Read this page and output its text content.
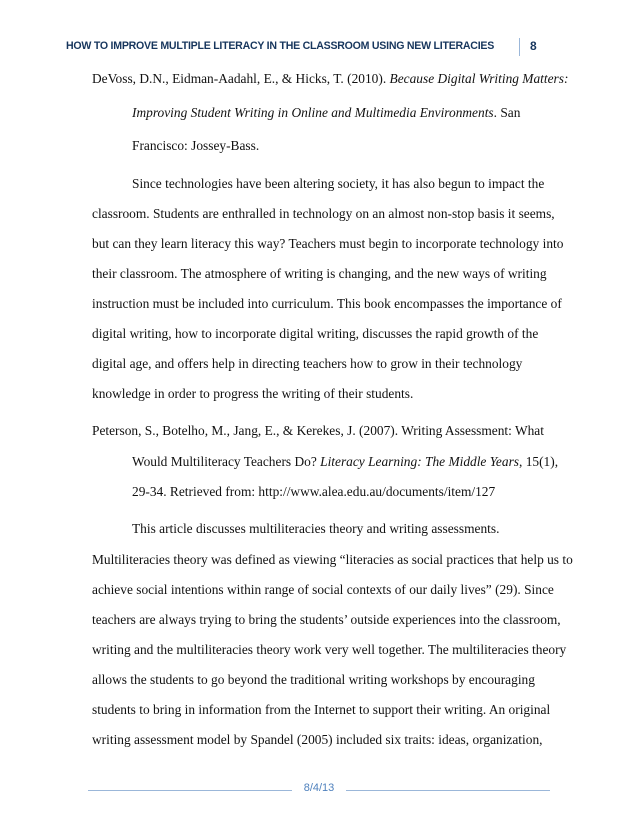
HOW TO IMPROVE MULTIPLE LITERACY IN THE CLASSROOM USING NEW LITERACIES	8
DeVoss, D.N., Eidman-Aadahl, E., & Hicks, T. (2010). Because Digital Writing Matters:
Improving Student Writing in Online and Multimedia Environments. San
Francisco: Jossey-Bass.
Since technologies have been altering society, it has also begun to impact the
classroom. Students are enthralled in technology on an almost non-stop basis it seems,
but can they learn literacy this way? Teachers must begin to incorporate technology into
their classroom. The atmosphere of writing is changing, and the new ways of writing
instruction must be included into curriculum. This book encompasses the importance of
digital writing, how to incorporate digital writing, discusses the rapid growth of the
digital age, and offers help in directing teachers how to grow in their technology
knowledge in order to progress the writing of their students.
Peterson, S., Botelho, M., Jang, E., & Kerekes, J. (2007). Writing Assessment: What
Would Multiliteracy Teachers Do? Literacy Learning: The Middle Years, 15(1),
29-34. Retrieved from: http://www.alea.edu.au/documents/item/127
This article discusses multiliteracies theory and writing assessments.
Multiliteracies theory was defined as viewing “literacies as social practices that help us to
achieve social intentions within range of social contexts of our daily lives” (29). Since
teachers are always trying to bring the students’ outside experiences into the classroom,
writing and the multiliteracies theory work very well together. The multiliteracies theory
allows the students to go beyond the traditional writing workshops by encouraging
students to bring in information from the Internet to support their writing. An original
writing assessment model by Spandel (2005) included six traits: ideas, organization,
8/4/13
